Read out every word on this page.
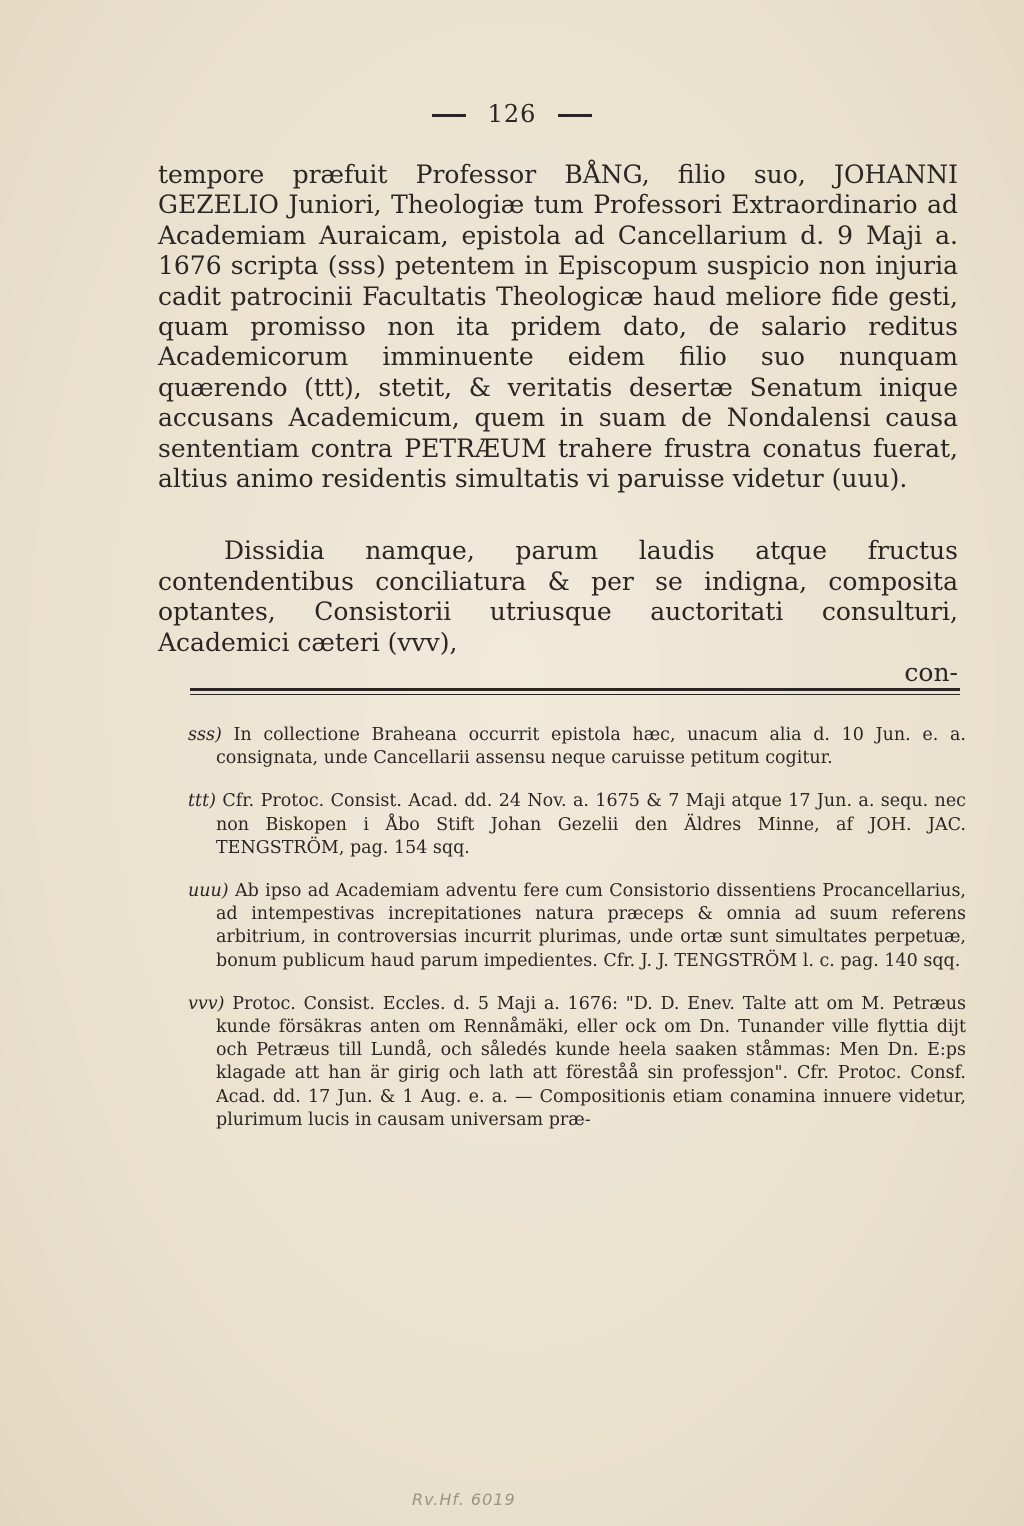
126

tempore præfuit Professor BÅNG, filio suo, JOHANNI GEZELIO Juniori, Theologiæ tum Professori Extraordinario ad Academiam Auraicam, epistola ad Cancellarium d. 9 Maji a. 1676 scripta (sss) petentem in Episcopum suspicio non injuria cadit patrocinii Facultatis Theologicæ haud meliore fide gesti, quam promisso non ita pridem dato, de salario reditus Academicorum imminuente eidem filio suo nunquam quærendo (ttt), stetit, & veritatis desertæ Senatum inique accusans Academicum, quem in suam de Nondalensi causa sententiam contra PETRÆUM trahere frustra conatus fuerat, altius animo residentis simultatis vi paruisse videtur (uuu).

Dissidia namque, parum laudis atque fructus contendentibus conciliatura & per se indigna, composita optantes, Consistorii utriusque auctoritati consulturi, Academici cæteri (vvv),

con-

sss) In collectione Braheana occurrit epistola hæc, unacum alia d. 10 Jun. e. a. consignata, unde Cancellarii assensu neque caruisse petitum cogitur.

ttt) Cfr. Protoc. Consist. Acad. dd. 24 Nov. a. 1675 & 7 Maji atque 17 Jun. a. sequ. nec non Biskopen i Åbo Stift Johan Gezelii den Äldres Minne, af JOH. JAC. TENGSTRÖM, pag. 154 sqq.

uuu) Ab ipso ad Academiam adventu fere cum Consistorio dissentiens Procancellarius, ad intempestivas increpitationes natura præceps & omnia ad suum referens arbitrium, in controversias incurrit plurimas, unde ortæ sunt simultates perpetuæ, bonum publicum haud parum impedientes. Cfr. J. J. TENGSTRÖM l. c. pag. 140 sqq.

vvv) Protoc. Consist. Eccles. d. 5 Maji a. 1676: "D. D. Enev. Talte att om M. Petræus kunde försäkras anten om Rennåmäki, eller ock om Dn. Tunander ville flyttia dijt och Petræus till Lundå, och såledés kunde heela saaken ståmmas: Men Dn. E:ps klagade att han är girig och lath att föreståå sin professjon". Cfr. Protoc. Consf. Acad. dd. 17 Jun. & 1 Aug. e. a. — Compositionis etiam conamina innuere videtur, plurimum lucis in causam universam præ-

Rv.Hf. 6019
